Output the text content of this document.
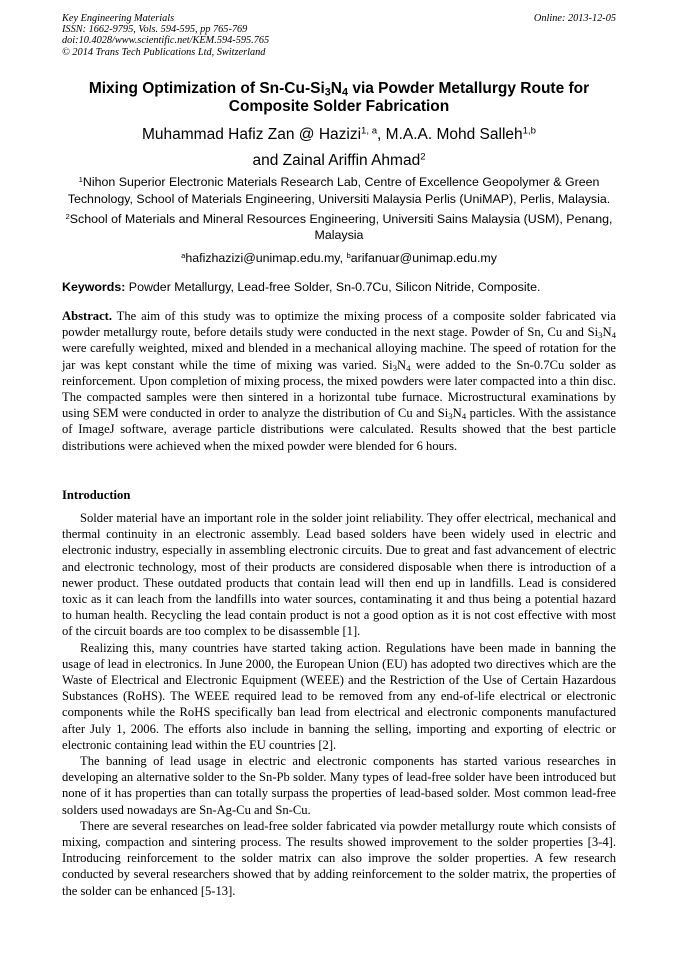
Key Engineering Materials
ISSN: 1662-9795, Vols. 594-595, pp 765-769
doi:10.4028/www.scientific.net/KEM.594-595.765
© 2014 Trans Tech Publications Ltd, Switzerland
Online: 2013-12-05
Mixing Optimization of $Sn-Cu-Si_3N_4$ via Powder Metallurgy Route for
Composite Solder Fabrication
Muhammad Hafiz Zan @ Hazizi$^{1, a}$, M.A.A. Mohd Salleh$^{1,b}$
and Zainal Ariffin Ahmad$^2$

$^1$Nihon Superior Electronic Materials Research Lab, Centre of Excellence Geopolymer & Green Technology, School of Materials Engineering, Universiti Malaysia Perlis (UniMAP), Perlis, Malaysia.

$^2$School of Materials and Mineral Resources Engineering, Universiti Sains Malaysia (USM), Penang, Malaysia

$^a$hafizhazizi@unimap.edu.my, $^b$arifanuar@unimap.edu.my

Keywords: Powder Metallurgy, Lead-free Solder, Sn-0.7Cu, Silicon Nitride, Composite.
Abstract. The aim of this study was to optimize the mixing process of a composite solder fabricated via powder metallurgy route, before details study were conducted in the next stage. Powder of Sn, Cu and $Si_3N_4$ were carefully weighted, mixed and blended in a mechanical alloying machine. The speed of rotation for the jar was kept constant while the time of mixing was varied. $Si_3N_4$ were added to the Sn-0.7Cu solder as reinforcement. Upon completion of mixing process, the mixed powders were later compacted into a thin disc. The compacted samples were then sintered in a horizontal tube furnace. Microstructural examinations by using SEM were conducted in order to analyze the distribution of Cu and $Si_3N_4$ particles. With the assistance of ImageJ software, average particle distributions were calculated. Results showed that the best particle distributions were achieved when the mixed powder were blended for 6 hours.
Introduction

Solder material have an important role in the solder joint reliability. They offer electrical, mechanical and thermal continuity in an electronic assembly. Lead based solders have been widely used in electric and electronic industry, especially in assembling electronic circuits. Due to great and fast advancement of electric and electronic technology, most of their products are considered disposable when there is introduction of a newer product. These outdated products that contain lead will then end up in landfills. Lead is considered toxic as it can leach from the landfills into water sources, contaminating it and thus being a potential hazard to human health. Recycling the lead contain product is not a good option as it is not cost effective with most of the circuit boards are too complex to be disassemble [1].

Realizing this, many countries have started taking action. Regulations have been made in banning the usage of lead in electronics. In June 2000, the European Union (EU) has adopted two directives which are the Waste of Electrical and Electronic Equipment (WEEE) and the Restriction of the Use of Certain Hazardous Substances (RoHS). The WEEE required lead to be removed from any end-of-life electrical or electronic components while the RoHS specifically ban lead from electrical and electronic components manufactured after July 1, 2006. The efforts also include in banning the selling, importing and exporting of electric or electronic containing lead within the EU countries [2].

The banning of lead usage in electric and electronic components has started various researches in developing an alternative solder to the Sn-Pb solder. Many types of lead-free solder have been introduced but none of it has properties than can totally surpass the properties of lead-based solder. Most common lead-free solders used nowadays are Sn-Ag-Cu and Sn-Cu.

There are several researches on lead-free solder fabricated via powder metallurgy route which consists of mixing, compaction and sintering process. The results showed improvement to the solder properties [3-4]. Introducing reinforcement to the solder matrix can also improve the solder properties. A few research conducted by several researchers showed that by adding reinforcement to the solder matrix, the properties of the solder can be enhanced [5-13].
